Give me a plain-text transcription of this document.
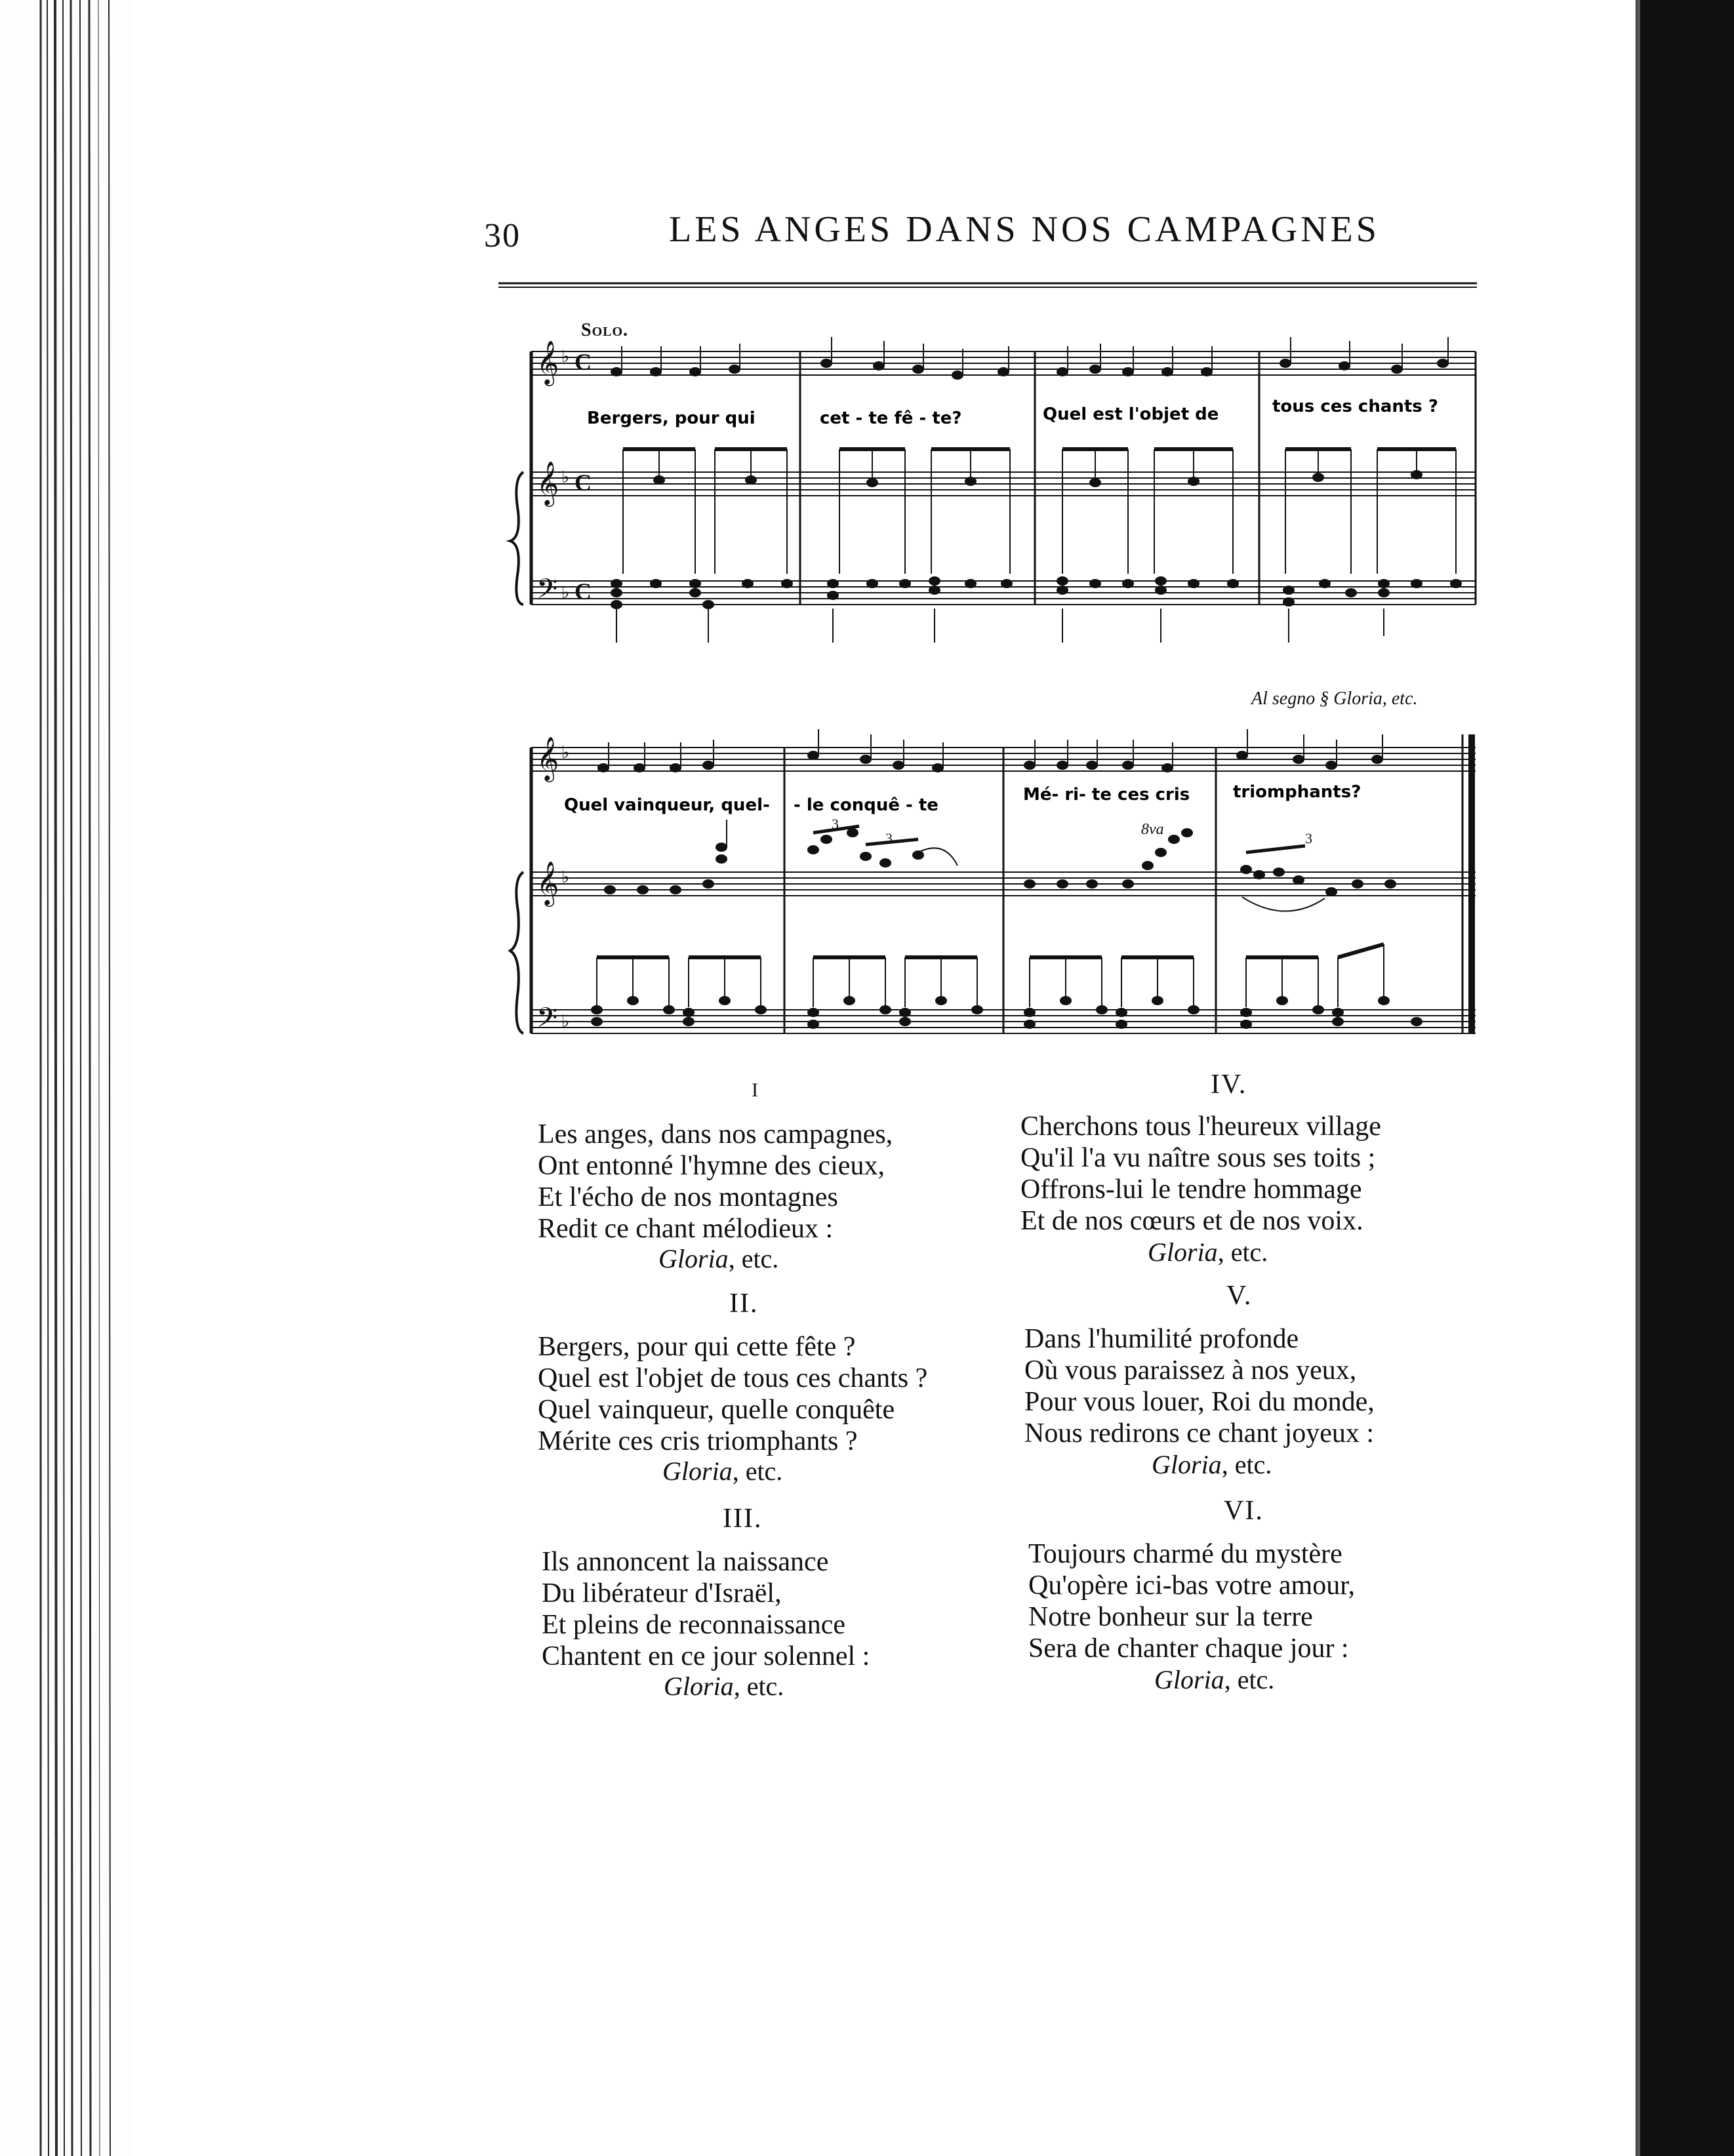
30	LES ANGES DANS NOS CAMPAGNES
Solo.
𝄞
𝄞
𝄢
♭
♭
♭
C
C
C
Bergers, pour qui	cet - te fê - te?	Quel est l'objet de	tous ces chants ?
𝄞
𝄞
𝄢
♭
♭
♭
Quel vainqueur, quel- - le conquê - te
Mé- ri- te ces cris	triomphants?
8va
3
3	3
Al segno § Gloria, etc.
I
Les anges, dans nos campagnes,
Ont entonné l'hymne des cieux,
Et l'écho de nos montagnes
Redit ce chant mélodieux :
Gloria, etc.
II.
Bergers, pour qui cette fête ?
Quel est l'objet de tous ces chants ?
Quel vainqueur, quelle conquête
Mérite ces cris triomphants ?
Gloria, etc.
III.
Ils annoncent la naissance
Du libérateur d'Israël,
Et pleins de reconnaissance
Chantent en ce jour solennel :
Gloria, etc.
IV.
Cherchons tous l'heureux village
Qu'il l'a vu naître sous ses toits ;
Offrons-lui le tendre hommage
Et de nos cœurs et de nos voix.
Gloria, etc.
V.
Dans l'humilité profonde
Où vous paraissez à nos yeux,
Pour vous louer, Roi du monde,
Nous redirons ce chant joyeux :
Gloria, etc.
VI.
Toujours charmé du mystère
Qu'opère ici-bas votre amour,
Notre bonheur sur la terre
Sera de chanter chaque jour :
Gloria, etc.
